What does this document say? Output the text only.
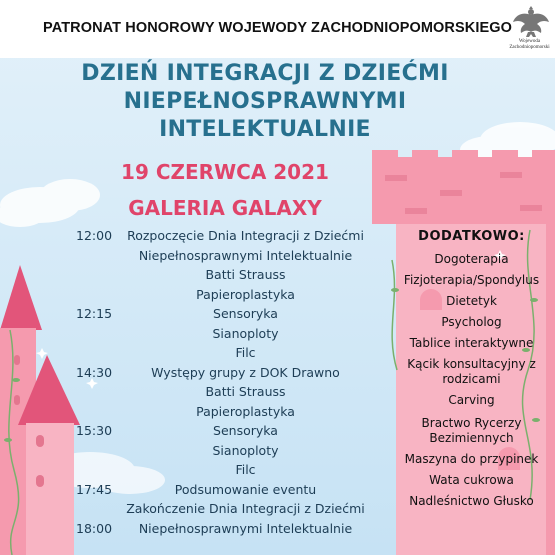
PATRONAT HONOROWY WOJEWODY ZACHODNIOPOMORSKIEGO
Wojewoda
Zachodniopomorski
DZIEŃ INTEGRACJI Z DZIEĆMI
NIEPEŁNOSPRAWNYMI
INTELEKTUALNIE
19 CZERWCA 2021
GALERIA GALAXY
12:00	Rozpoczęcie Dnia Integracji z Dziećmi
Niepełnosprawnymi Intelektualnie
Batti Strauss
Papieroplastyka
12:15	Sensoryka
Sianoploty
Filc
14:30	Występy grupy z DOK Drawno
Batti Strauss
Papieroplastyka
15:30	Sensoryka
Sianoploty
Filc
17:45	Podsumowanie eventu
Zakończenie Dnia Integracji z Dziećmi
18:00	Niepełnosprawnymi Intelektualnie
DODATKOWO:
Dogoterapia
Fizjoterapia/Spondylus
Dietetyk
Psycholog
Tablice interaktywne
Kącik konsultacyjny z
rodzicami
Carving
Bractwo Rycerzy
Bezimiennych
Maszyna do przypinek
Wata cukrowa
Nadleśnictwo Głusko
